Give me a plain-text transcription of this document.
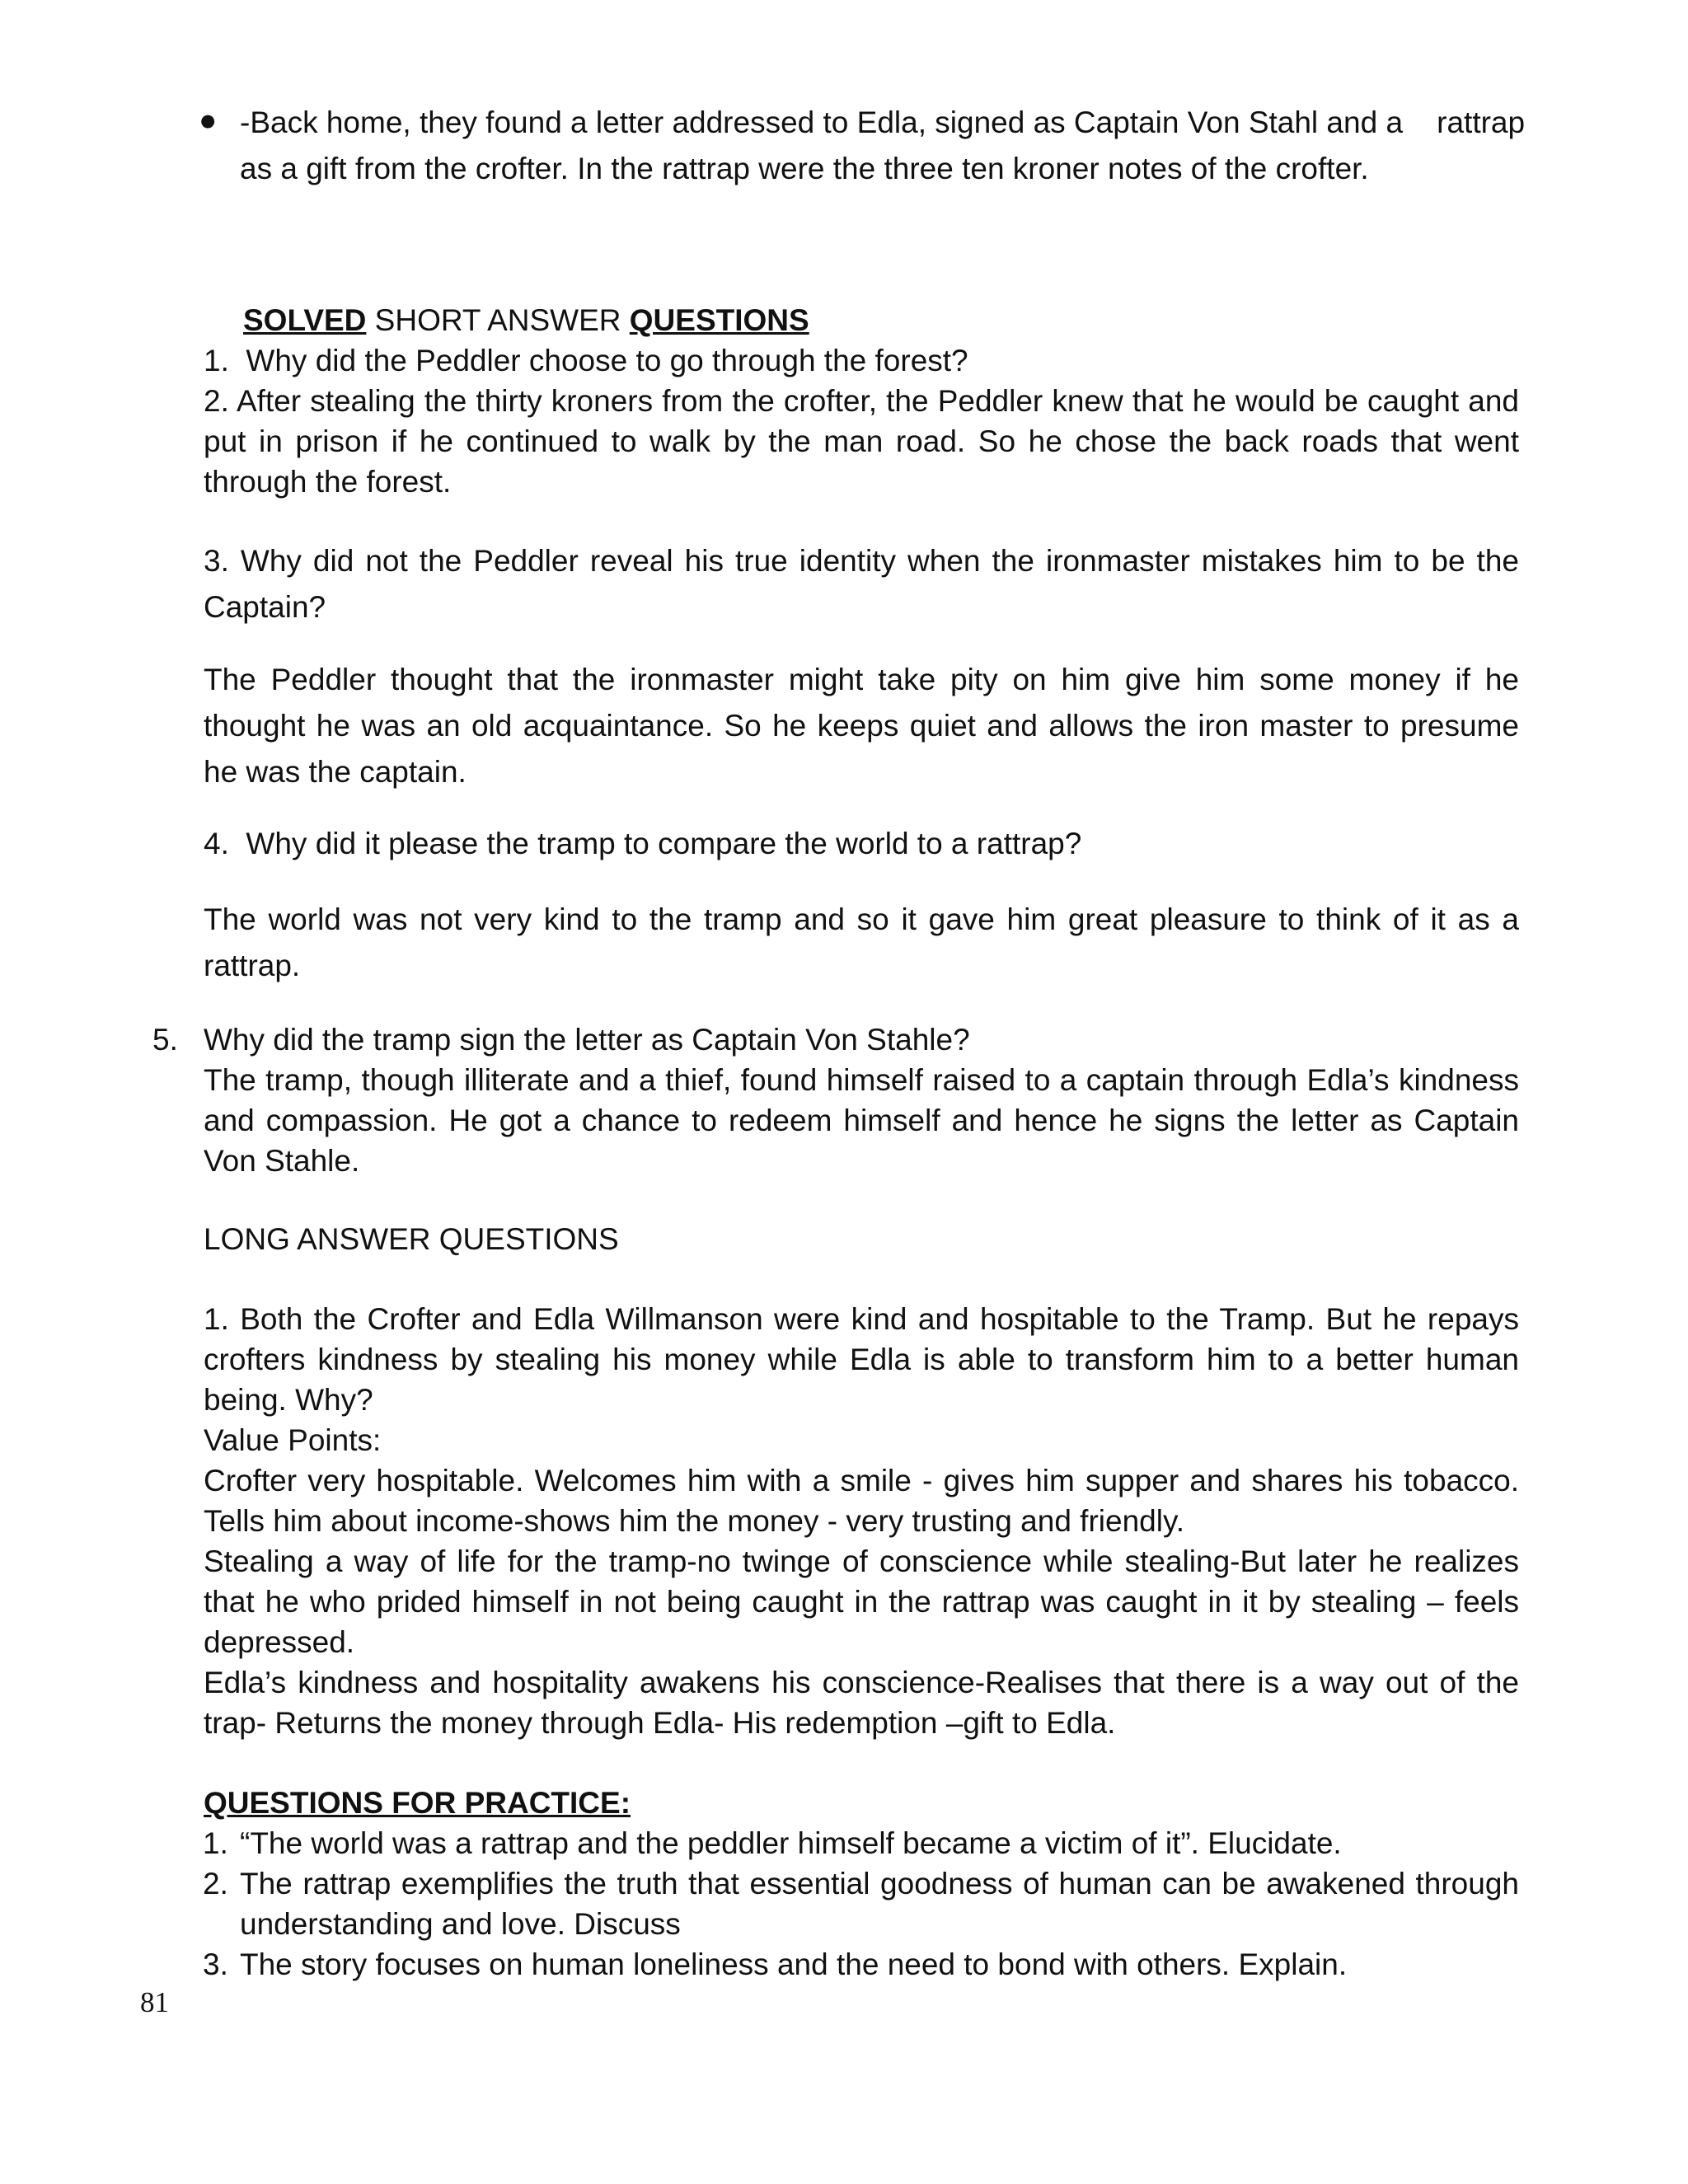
● -Back home, they found a letter addressed to Edla, signed as Captain Von Stahl and a    rattrap

as a gift from the crofter. In the rattrap were the three ten kroner notes of the crofter.

SOLVED SHORT ANSWER QUESTIONS

1.  Why did the Peddler choose to go through the forest?

2. After stealing the thirty kroners from the crofter, the Peddler knew that he would be caught and put in prison if he continued to walk by the man road. So he chose the back roads that went through the forest.

3. Why did not the Peddler reveal his true identity when the ironmaster mistakes him to be the Captain?

The Peddler thought that the ironmaster might take pity on him give him some money if he thought he was an old acquaintance. So he keeps quiet and allows the iron master to presume he was the captain.

4.  Why did it please the tramp to compare the world to a rattrap?

The world was not very kind to the tramp and so it gave him great pleasure to think of it as a rattrap.

5. Why did the tramp sign the letter as Captain Von Stahle?

The tramp, though illiterate and a thief, found himself raised to a captain through Edla’s kindness and compassion. He got a chance to redeem himself and hence he signs the letter as Captain Von Stahle.

LONG ANSWER QUESTIONS

1. Both the Crofter and Edla Willmanson were kind and hospitable to the Tramp. But he repays crofters kindness by stealing his money while Edla is able to transform him to a better human being. Why?

Value Points:

Crofter very hospitable. Welcomes him with a smile - gives him supper and shares his tobacco. Tells him about income-shows him the money - very trusting and friendly.

Stealing a way of life for the tramp-no twinge of conscience while stealing-But later he realizes that he who prided himself in not being caught in the rattrap was caught in it by stealing – feels depressed.

Edla’s kindness and hospitality awakens his conscience-Realises that there is a way out of the trap- Returns the money through Edla- His redemption –gift to Edla.

QUESTIONS FOR PRACTICE:
1. “The world was a rattrap and the peddler himself became a victim of it”. Elucidate.

2. The rattrap exemplifies the truth that essential goodness of human can be awakened through understanding and love. Discuss

3. The story focuses on human loneliness and the need to bond with others. Explain.

81
